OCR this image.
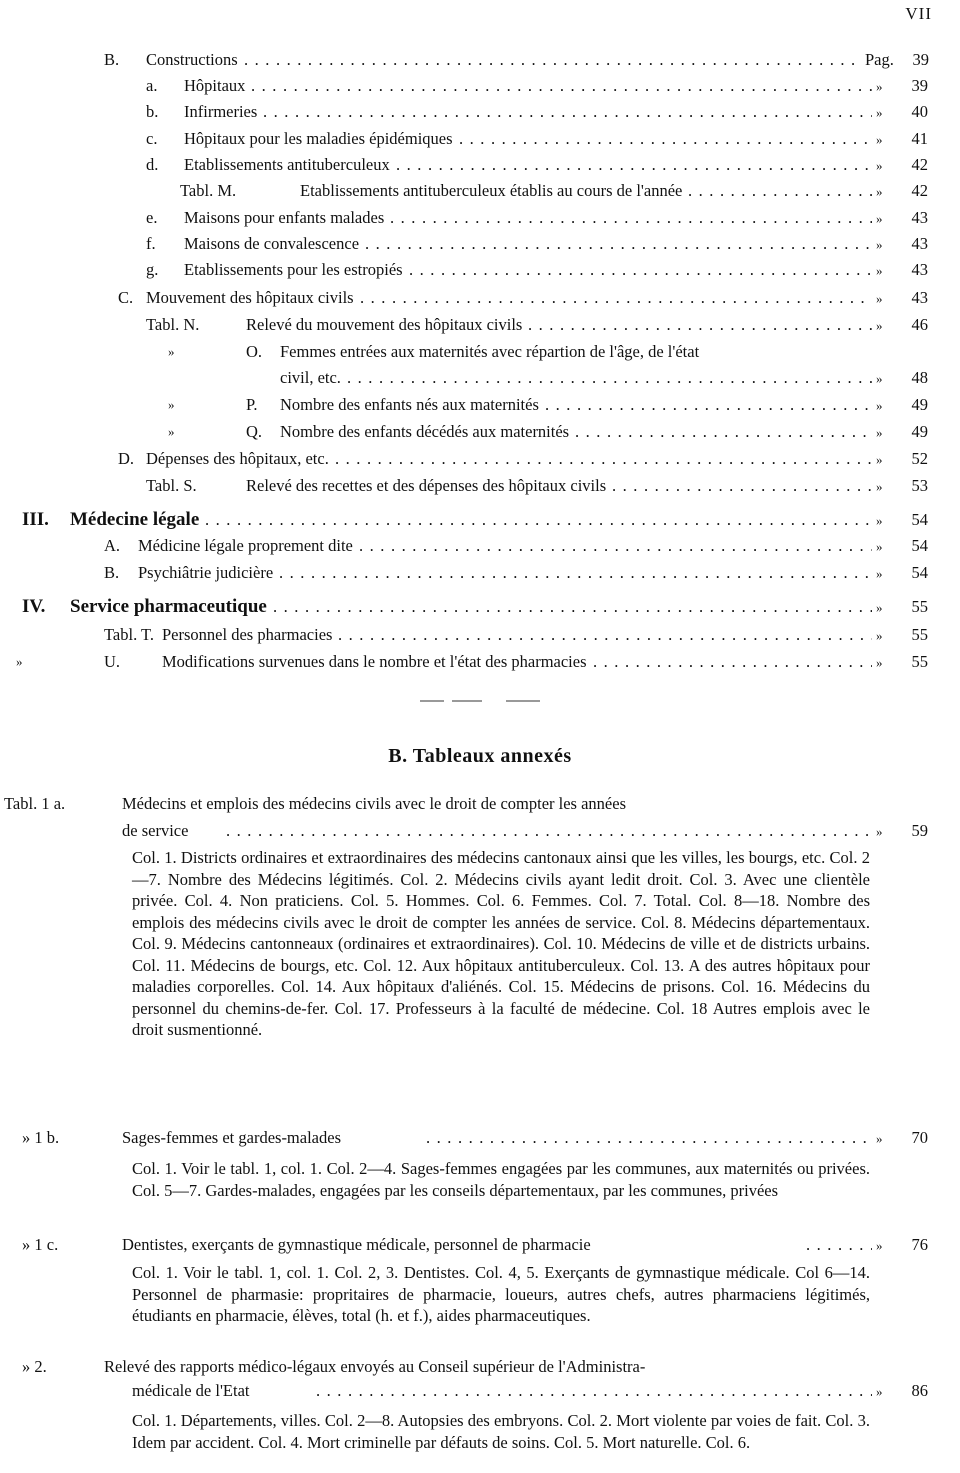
VII
B. Constructions . . .	Pag. 39
a. Hôpitaux . . .	» 39
b. Infirmeries . . .	» 40
c. Hôpitaux pour les maladies épidémiques . . .	» 41
d. Etablissements antituberculeux . . .	» 42
Tabl. M.	Etablissements antituberculeux établis au cours de l'année . . .	» 42
e. Maisons pour enfants malades . . .	» 43
f. Maisons de convalescence . . .	» 43
g. Etablissements pour les estropiés . . .	» 43
C. Mouvement des hôpitaux civils . . .	» 43
Tabl. N.	Relevé du mouvement des hôpitaux civils . . .	» 46
»	O. Femmes entrées aux maternités avec répartion de l'âge, de l'état
civil, etc. . . .	» 48
»	P. Nombre des enfants nés aux maternités . . .	» 49
»	Q. Nombre des enfants décédés aux maternités . . .	» 49
D. Dépenses des hôpitaux, etc. . . .	» 52
Tabl. S.	Relevé des recettes et des dépenses des hôpitaux civils . . .	» 53
III. Médecine légale . . .	» 54
A. Médicine légale proprement dite . . .	» 54
B. Psychiâtrie judicière . . .	» 54
IV. Service pharmaceutique . . .	» 55
Tabl. T. Personnel des pharmacies . . .	» 55
»	U.	Modifications survenues dans le nombre et l'état des pharmacies . . .	» 55
B. Tableaux annexés
Tabl. 1 a.	Médecins et emplois des médecins civils avec le droit de compter les années
de service . . .	» 59
Col. 1. Districts ordinaires et extraordinaires des médecins cantonaux ainsi que les villes, les bourgs, etc. Col. 2—7. Nombre des Médecins légitimés. Col. 2. Médecins civils ayant ledit droit. Col. 3. Avec une clientèle privée. Col. 4. Non praticiens. Col. 5. Hommes. Col. 6. Femmes. Col. 7. Total. Col. 8—18. Nombre des emplois des médecins civils avec le droit de compter les années de service. Col. 8. Médecins départementaux. Col. 9. Médecins cantonneaux (ordinaires et extraordinaires). Col. 10. Médecins de ville et de districts urbains. Col. 11. Médecins de bourgs, etc. Col. 12. Aux hôpitaux antituberculeux. Col. 13. A des autres hôpitaux pour maladies corporelles. Col. 14. Aux hôpitaux d'aliénés. Col. 15. Médecins de prisons. Col. 16. Médecins du personnel du chemins-de-fer. Col. 17. Professeurs à la faculté de médecine. Col. 18 Autres emplois avec le droit susmentionné.
» 1 b.	Sages-femmes et gardes-malades . . .	» 70
Col. 1. Voir le tabl. 1, col. 1. Col. 2—4. Sages-femmes engagées par les communes, aux maternités ou privées. Col. 5—7. Gardes-malades, engagées par les conseils départementaux, par les communes, privées
» 1 c.	Dentistes, exerçants de gymnastique médicale, personnel de pharmacie . . .	» 76
Col. 1. Voir le tabl. 1, col. 1. Col. 2, 3. Dentistes. Col. 4, 5. Exerçants de gymnastique médicale. Col 6—14. Personnel de pharmasie: propritaires de pharmacie, loueurs, autres chefs, autres pharmaciens légitimés, étudiants en pharmacie, élèves, total (h. et f.), aides pharmaceutiques.
» 2.	Relevé des rapports médico-légaux envoyés au Conseil supérieur de l'Administra-
médicale de l'Etat . . .	» 86
Col. 1. Départements, villes. Col. 2—8. Autopsies des embryons. Col. 2. Mort violente par voies de fait. Col. 3. Idem par accident. Col. 4. Mort criminelle par défauts de soins. Col. 5. Mort naturelle. Col. 6.
